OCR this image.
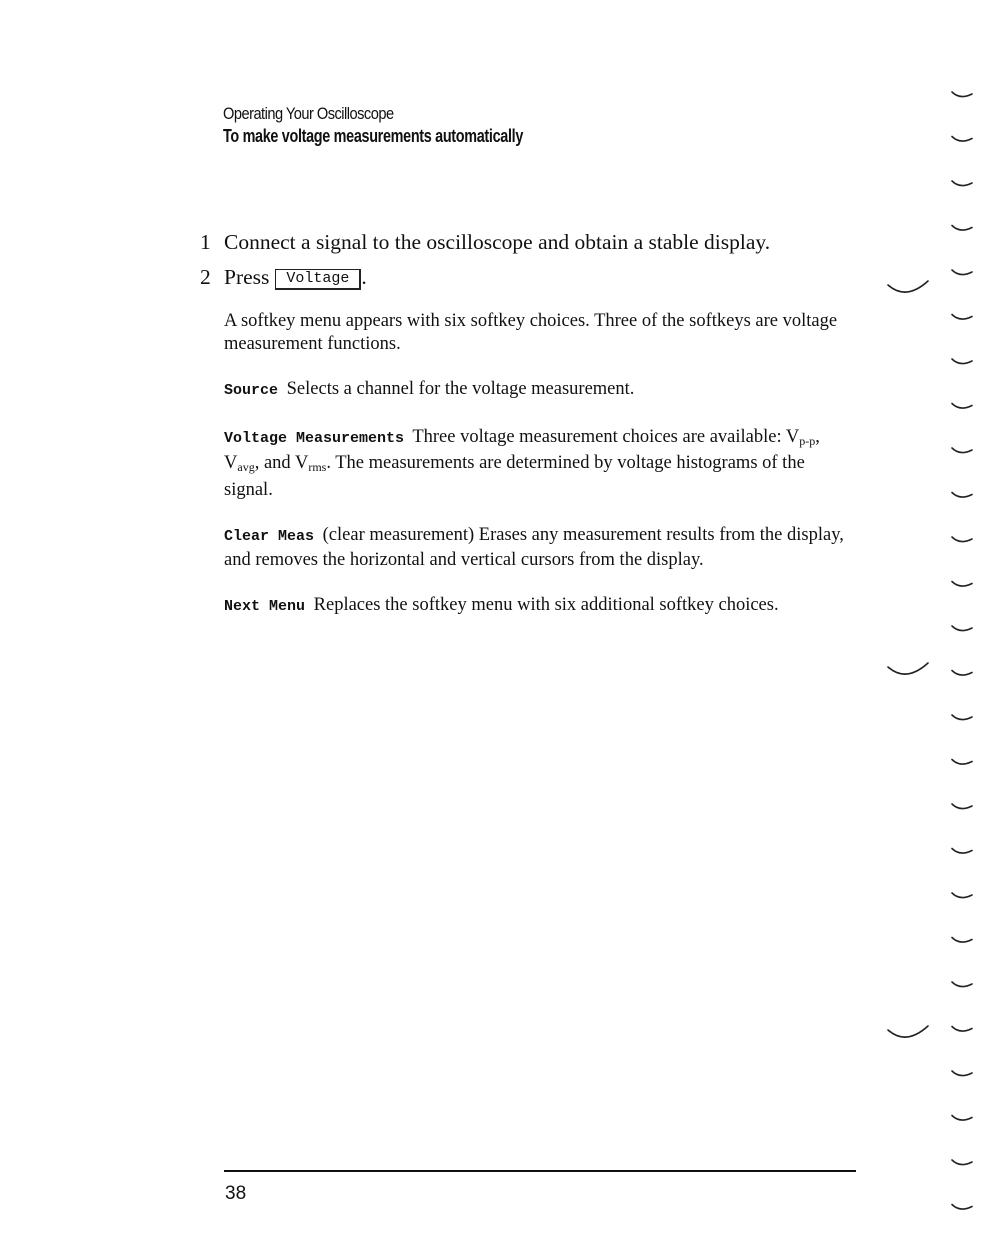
Operating Your Oscilloscope
To make voltage measurements automatically
1 Connect a signal to the oscilloscope and obtain a stable display.
2 Press Voltage .

A softkey menu appears with six softkey choices. Three of the softkeys are voltage measurement functions.

Source Selects a channel for the voltage measurement.

Voltage Measurements Three voltage measurement choices are available: $V_{p-p}$, $V_{avg}$, and $V_{rms}$. The measurements are determined by voltage histograms of the signal.

Clear Meas (clear measurement) Erases any measurement results from the display, and removes the horizontal and vertical cursors from the display.

Next Menu Replaces the softkey menu with six additional softkey choices.

38
